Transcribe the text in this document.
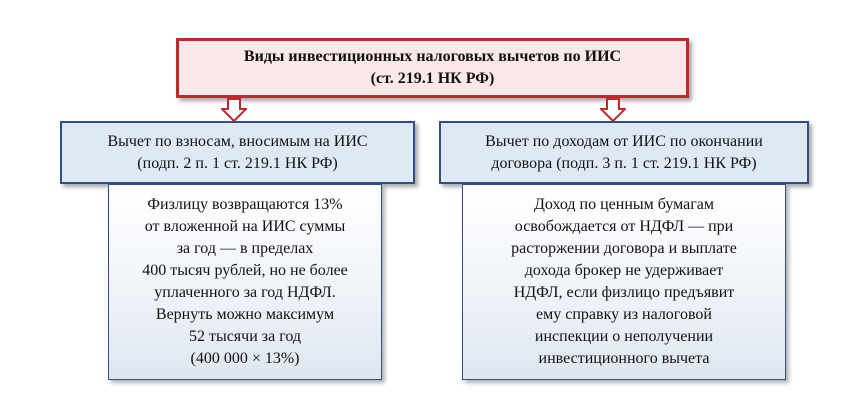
Виды инвестиционных налоговых вычетов по ИИС
(ст. 219.1 НК РФ)
Вычет по взносам, вносимым на ИИС
(подп. 2 п. 1 ст. 219.1 НК РФ)
Вычет по доходам от ИИС по окончании
договора (подп. 3 п. 1 ст. 219.1 НК РФ)
Физлицу возвращаются 13%
от вложенной на ИИС суммы
за год — в пределах
400 тысяч рублей, но не более
уплаченного за год НДФЛ.
Вернуть можно максимум
52 тысячи за год
(400 000 × 13%)
Доход по ценным бумагам
освобождается от НДФЛ — при
расторжении договора и выплате
дохода брокер не удерживает
НДФЛ, если физлицо предъявит
ему справку из налоговой
инспекции о неполучении
инвестиционного вычета
